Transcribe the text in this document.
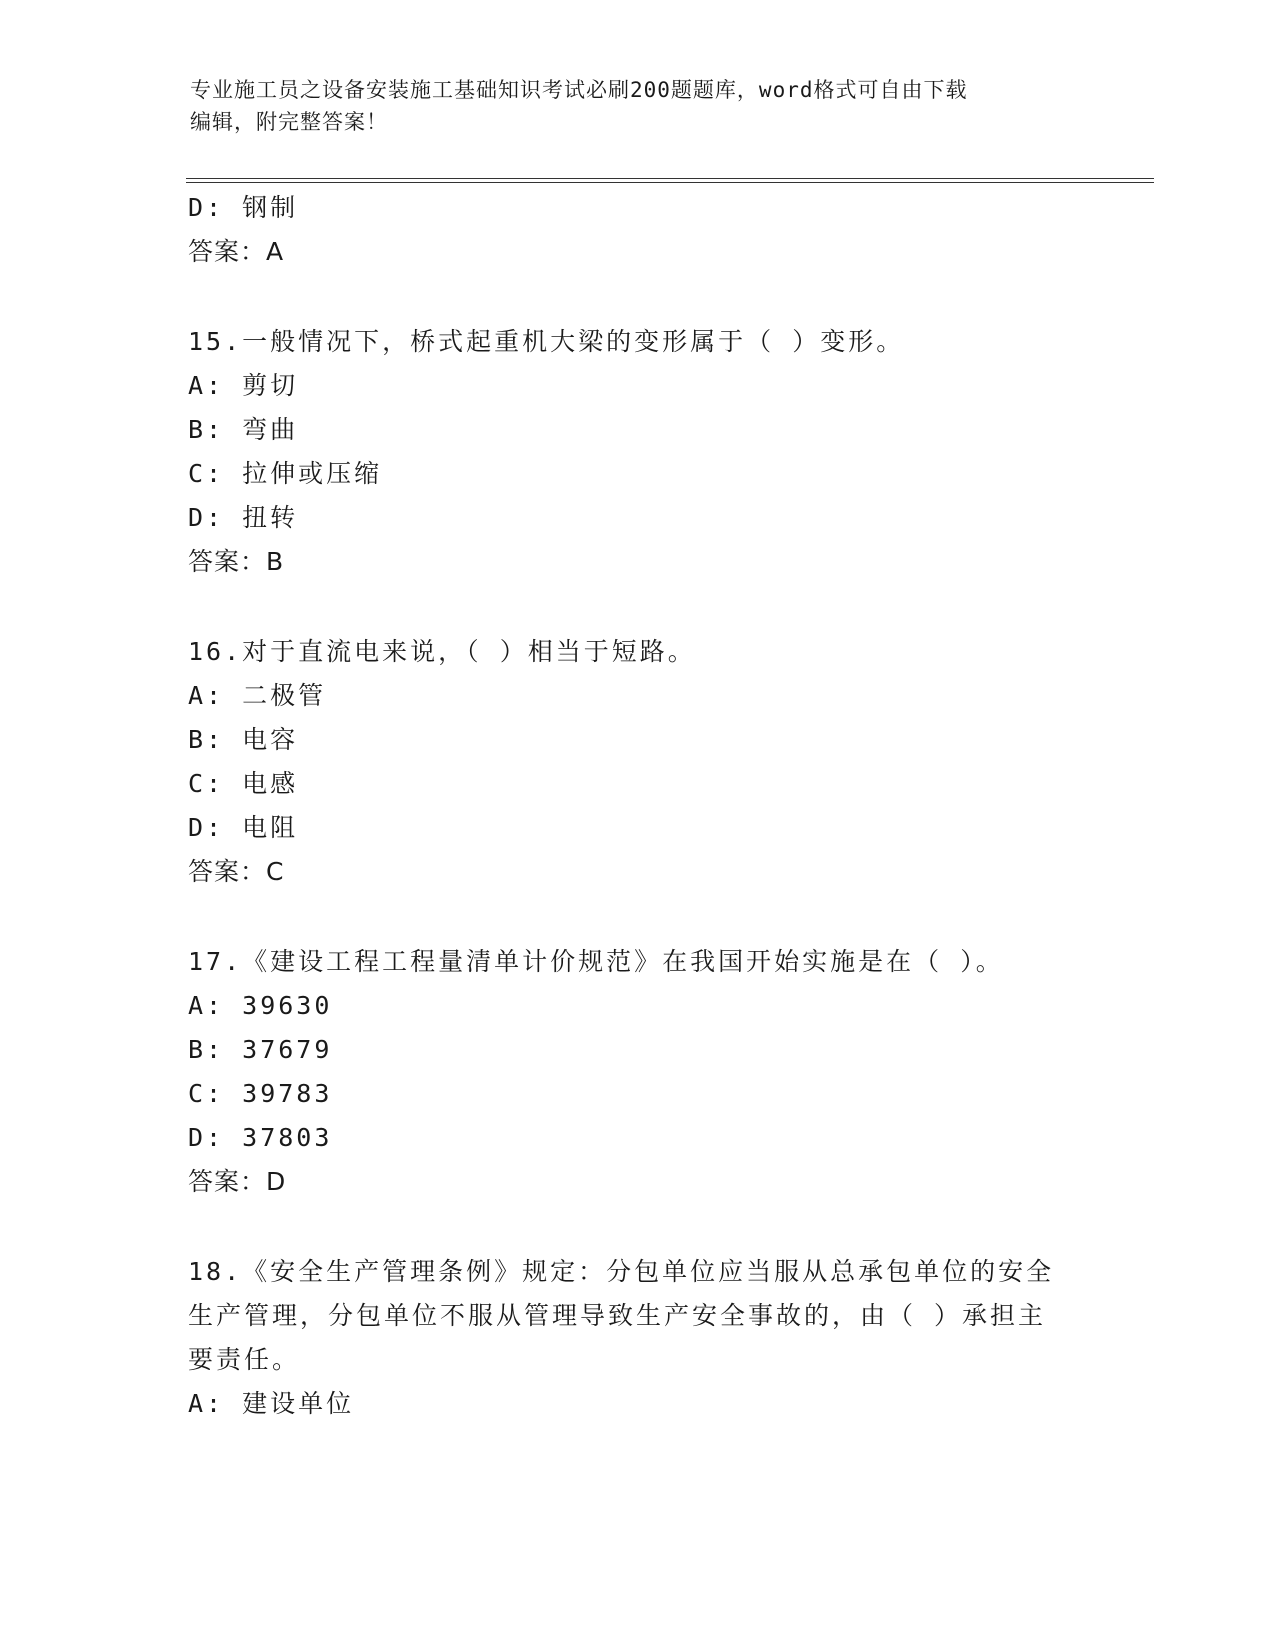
专业施工员之设备安装施工基础知识考试必刷200题题库，word格式可自由下载
编辑，附完整答案！
D: 钢制
答案：A
15.一般情况下，桥式起重机大梁的变形属于（ ）变形。
A: 剪切
B: 弯曲
C: 拉伸或压缩
D: 扭转
答案：B
16.对于直流电来说，（ ）相当于短路。
A: 二极管
B: 电容
C: 电感
D: 电阻
答案：C
17.《建设工程工程量清单计价规范》在我国开始实施是在（ ）。
A: 39630
B: 37679
C: 39783
D: 37803
答案：D
18.《安全生产管理条例》规定：分包单位应当服从总承包单位的安全
生产管理，分包单位不服从管理导致生产安全事故的，由（ ）承担主
要责任。
A: 建设单位
